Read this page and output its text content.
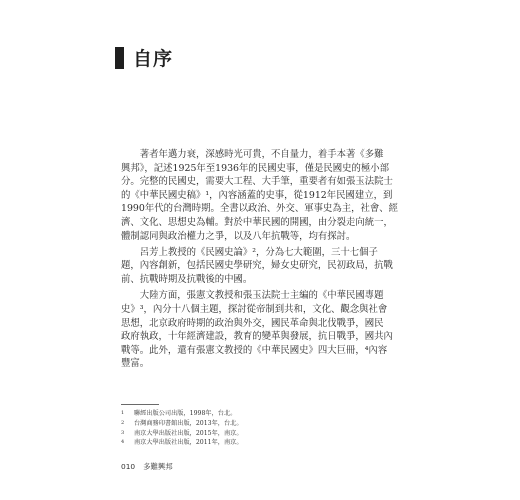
自序

　　著者年邁力衰，深感時光可貴，不自量力，着手本著《多難
興邦》，記述1925年至1936年的民國史事，僅是民國史的極小部
分。完整的民國史，需要大工程、大手筆，重要者有如張玉法院士
的《中華民國史稿》¹，內容涵蓋的史事，從1912年民國建立，到
1990年代的台灣時期。全書以政治、外交、軍事史為主，社會、經
濟、文化、思想史為輔。對於中華民國的開國，由分裂走向統一，
體制認同與政治權力之爭，以及八年抗戰等，均有探討。

　　呂芳上教授的《民國史論》²，分為七大範圍，三十七個子
題，內容創新，包括民國史學研究，婦女史研究，民初政局，抗戰
前、抗戰時期及抗戰後的中國。

　　大陸方面，張憲文教授和張玉法院士主編的《中華民國專題
史》³，內分十八個主題，探討從帝制到共和，文化、觀念與社會
思想，北京政府時期的政治與外交，國民革命與北伐戰爭，國民
政府執政，十年經濟建設，教育的變革與發展，抗日戰爭，國共內
戰等。此外，還有張憲文教授的《中華民國史》四大巨冊，⁴內容
豐富。

1 聯經出版公司出版，1998年，台北。
2 台灣商務印書館出版，2013年，台北。
3 南京大學出版社出版，2015年，南京。
4 南京大學出版社出版，2011年，南京。
010 多難興邦
